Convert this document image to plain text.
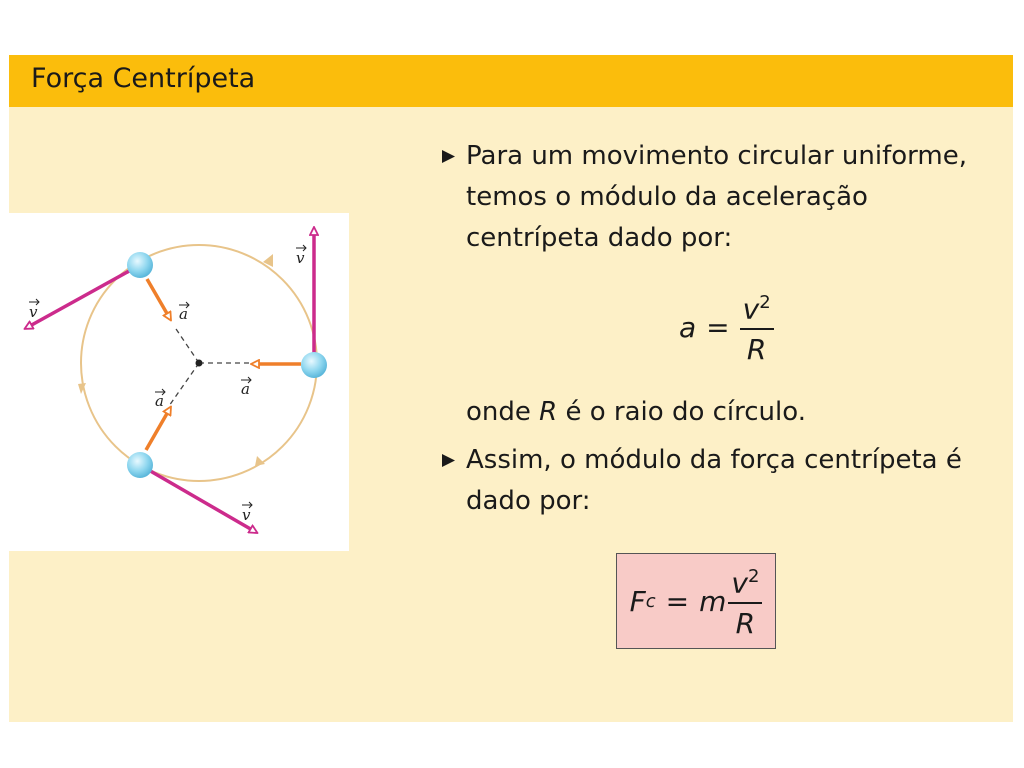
Força Centrípeta
v
v
v
a
a
a
Para um movimento circular uniforme, temos o módulo da aceleração centrípeta dado por:
$a = \frac{v^2}{R}$
onde R é o raio do círculo.
Assim, o módulo da força centrípeta é dado por:
F c = m $\frac{v^2}{R}$
